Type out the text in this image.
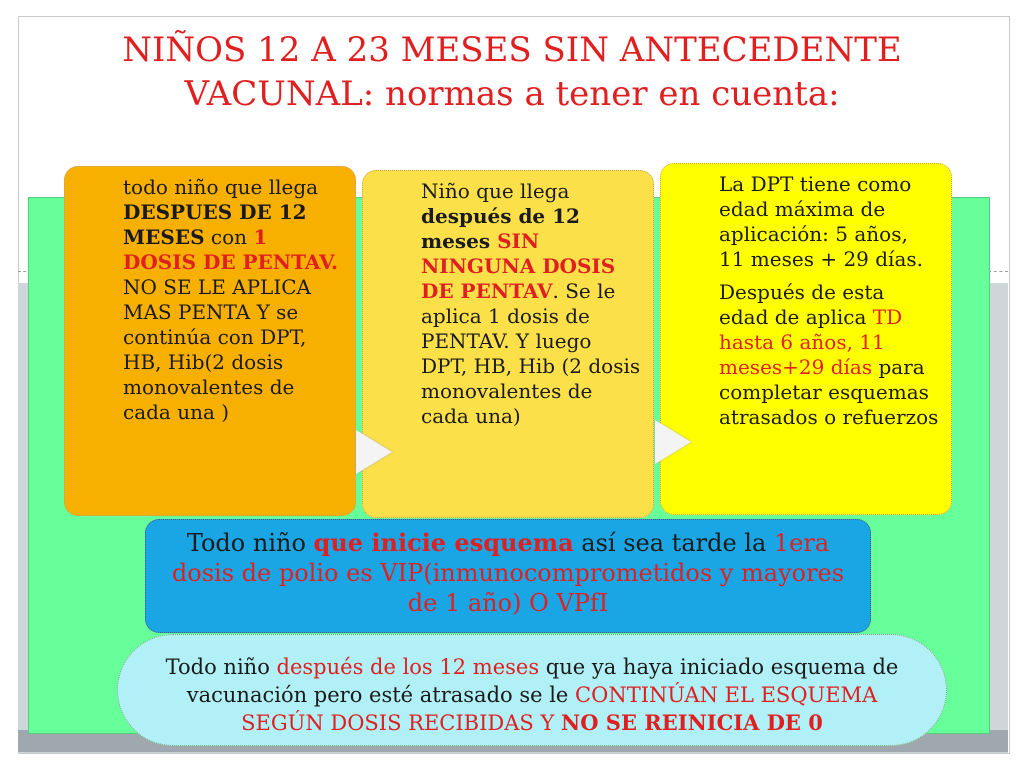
NIÑOS 12 A 23 MESES SIN ANTECEDENTE
VACUNAL: normas a tener en cuenta:

todo niño que llega DESPUES DE 12 MESES con 1 DOSIS DE PENTAV. NO SE LE APLICA MAS PENTA Y se continúa con DPT, HB, Hib(2 dosis monovalentes de cada una )

Niño que llega después de 12 meses SIN NINGUNA DOSIS DE PENTAV. Se le aplica 1 dosis de PENTAV. Y luego DPT, HB, Hib (2 dosis monovalentes de cada una)

La DPT tiene como edad máxima de aplicación: 5 años, 11 meses + 29 días.

Después de esta edad de aplica TD hasta 6 años, 11 meses+29 días para completar esquemas atrasados o refuerzos

Todo niño que inicie esquema así sea tarde la 1era dosis de polio es VIP(inmunocomprometidos y mayores de 1 año) O VPfI
Todo niño después de los 12 meses que ya haya iniciado esquema de vacunación pero esté atrasado se le CONTINÚAN EL ESQUEMA SEGÚN DOSIS RECIBIDAS Y NO SE REINICIA DE 0
